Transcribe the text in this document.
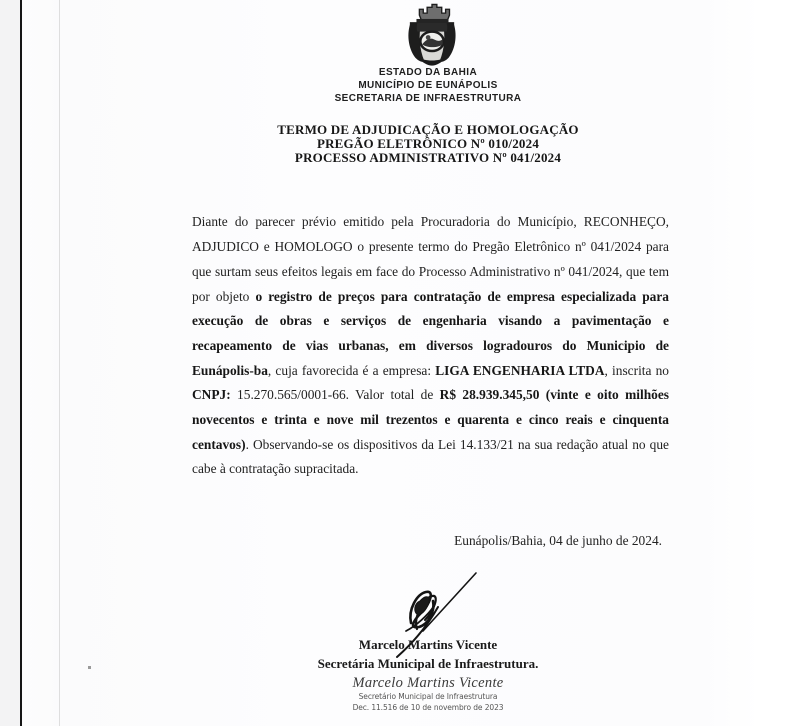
ESTADO DA BAHIA
MUNICÍPIO DE EUNÁPOLIS
SECRETARIA DE INFRAESTRUTURA
TERMO DE ADJUDICAÇÃO E HOMOLOGAÇÃO
PREGÃO ELETRÔNICO Nº 010/2024
PROCESSO ADMINISTRATIVO Nº 041/2024

Diante do parecer prévio emitido pela Procuradoria do Município, RECONHEÇO, ADJUDICO e HOMOLOGO o presente termo do Pregão Eletrônico nº 041/2024 para que surtam seus efeitos legais em face do Processo Administrativo nº 041/2024, que tem por objeto o registro de preços para contratação de empresa especializada para execução de obras e serviços de engenharia visando a pavimentação e recapeamento de vias urbanas, em diversos logradouros do Municipio de Eunápolis-ba, cuja favorecida é a empresa: LIGA ENGENHARIA LTDA, inscrita no CNPJ: 15.270.565/0001-66. Valor total de R$ 28.939.345,50 (vinte e oito milhões novecentos e trinta e nove mil trezentos e quarenta e cinco reais e cinquenta centavos). Observando-se os dispositivos da Lei 14.133/21 na sua redação atual no que cabe à contratação supracitada.

Eunápolis/Bahia, 04 de junho de 2024.
Marcelo Martins Vicente
Secretária Municipal de Infraestrutura.
Marcelo Martins Vicente
Secretário Municipal de Infraestrutura
Dec. 11.516 de 10 de novembro de 2023
